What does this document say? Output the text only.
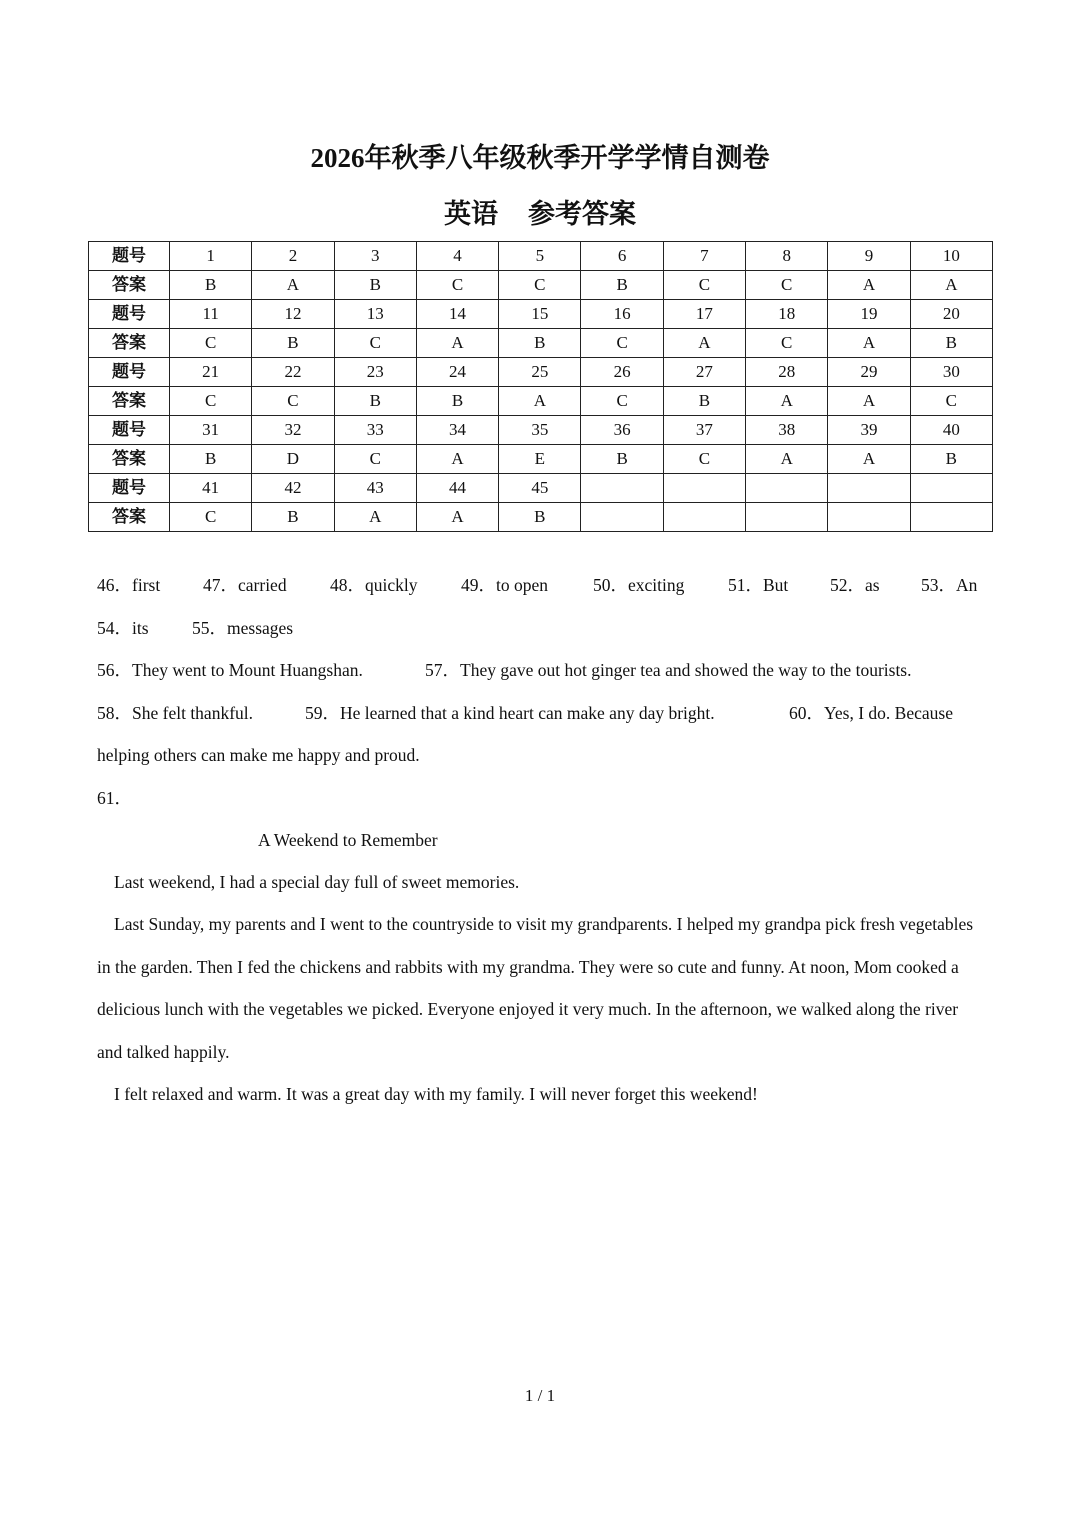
2026年秋季八年级秋季开学学情自测卷
英语 参考答案
题号	1	2	3	4	5	6	7	8	9	10
答案	B	A	B	C	C	B	C	C	A	A
题号	11	12	13	14	15	16	17	18	19	20
答案	C	B	C	A	B	C	A	C	A	B
题号	21	22	23	24	25	26	27	28	29	30
答案	C	C	B	B	A	C	B	A	A	C
题号	31	32	33	34	35	36	37	38	39	40
答案	B	D	C	A	E	B	C	A	A	B
题号	41	42	43	44	45					
答案	C	B	A	A	B					
46．first 47．carried 48．quickly 49．to open	50．exciting 51．But 52．as 53．An
54．its 55．messages
56．They went to Mount Huangshan.	57．They gave out hot ginger tea and showed the way to the tourists.
58．She felt thankful.	59．He learned that a kind heart can make any day bright.	60．Yes, I do. Because
helping others can make me happy and proud.
61．
A Weekend to Remember
Last weekend, I had a special day full of sweet memories.
Last Sunday, my parents and I went to the countryside to visit my grandparents. I helped my grandpa pick fresh vegetables in the garden. Then I fed the chickens and rabbits with my grandma. They were so cute and funny. At noon, Mom cooked a delicious lunch with the vegetables we picked. Everyone enjoyed it very much. In the afternoon, we walked along the river and talked happily.
I felt relaxed and warm. It was a great day with my family. I will never forget this weekend!
1 / 1
